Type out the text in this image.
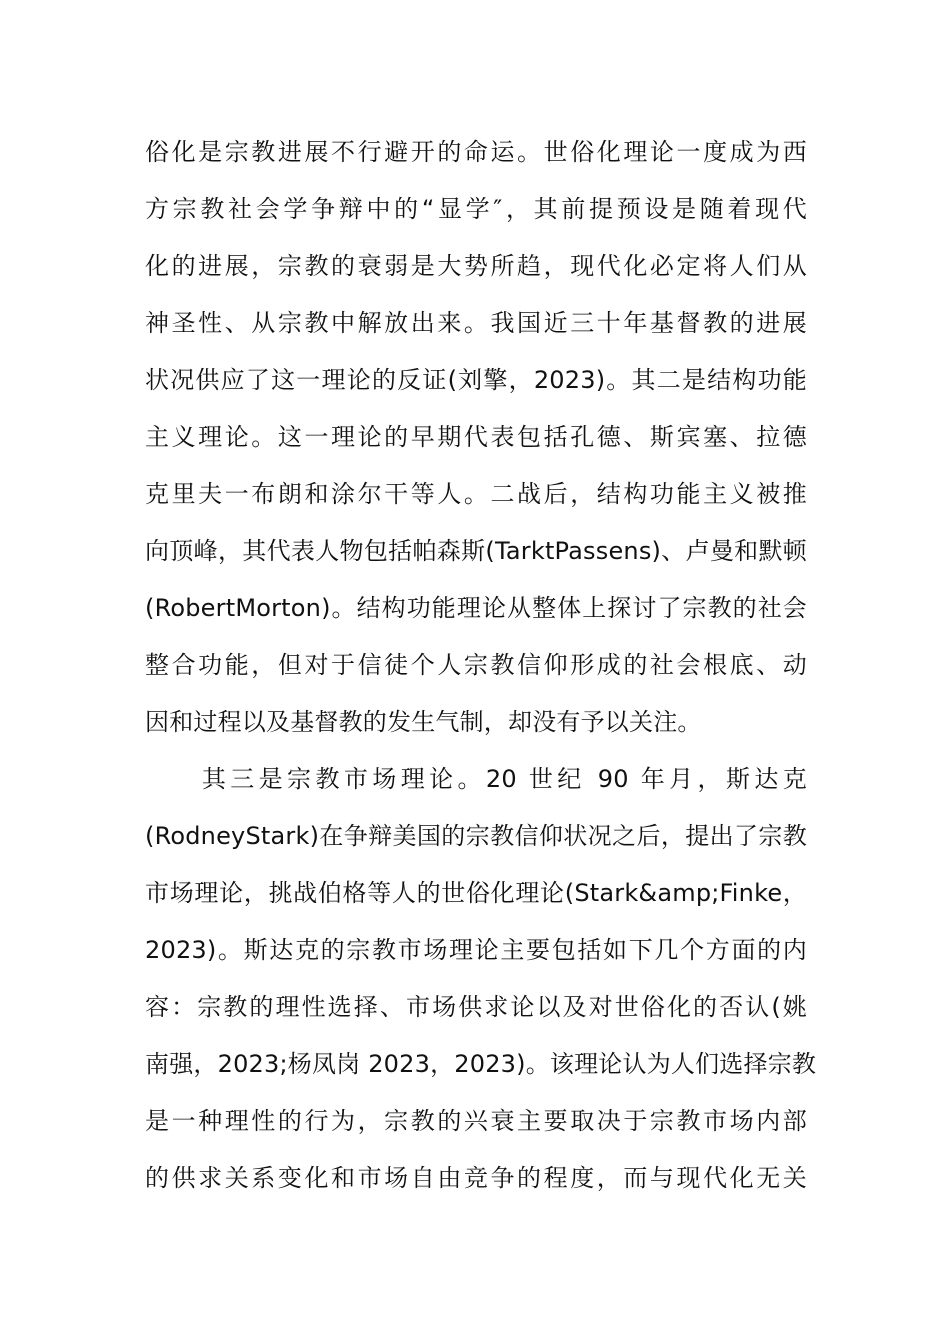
俗化是宗教进展不行避开的命运。世俗化理论一度成为西
方宗教社会学争辩中的“显学″，其前提预设是随着现代
化的进展，宗教的衰弱是大势所趋，现代化必定将人们从
神圣性、从宗教中解放出来。我国近三十年基督教的进展
状况供应了这一理论的反证(刘擎，2023)。其二是结构功能
主义理论。这一理论的早期代表包括孔德、斯宾塞、拉德
克里夫一布朗和涂尔干等人。二战后，结构功能主义被推
向顶峰，其代表人物包括帕森斯(TarktPassens)、卢曼和默顿
(RobertMorton)。结构功能理论从整体上探讨了宗教的社会
整合功能，但对于信徒个人宗教信仰形成的社会根底、动
因和过程以及基督教的发生气制，却没有予以关注。
　　其三是宗教市场理论。20 世纪 90 年月，斯达克
(RodneyStark)在争辩美国的宗教信仰状况之后，提出了宗教
市场理论，挑战伯格等人的世俗化理论(Stark&amp;Finke，
2023)。斯达克的宗教市场理论主要包括如下几个方面的内
容：宗教的理性选择、市场供求论以及对世俗化的否认(姚
南强，2023;杨凤岗 2023，2023)。该理论认为人们选择宗教
是一种理性的行为，宗教的兴衰主要取决于宗教市场内部
的供求关系变化和市场自由竞争的程度，而与现代化无关
